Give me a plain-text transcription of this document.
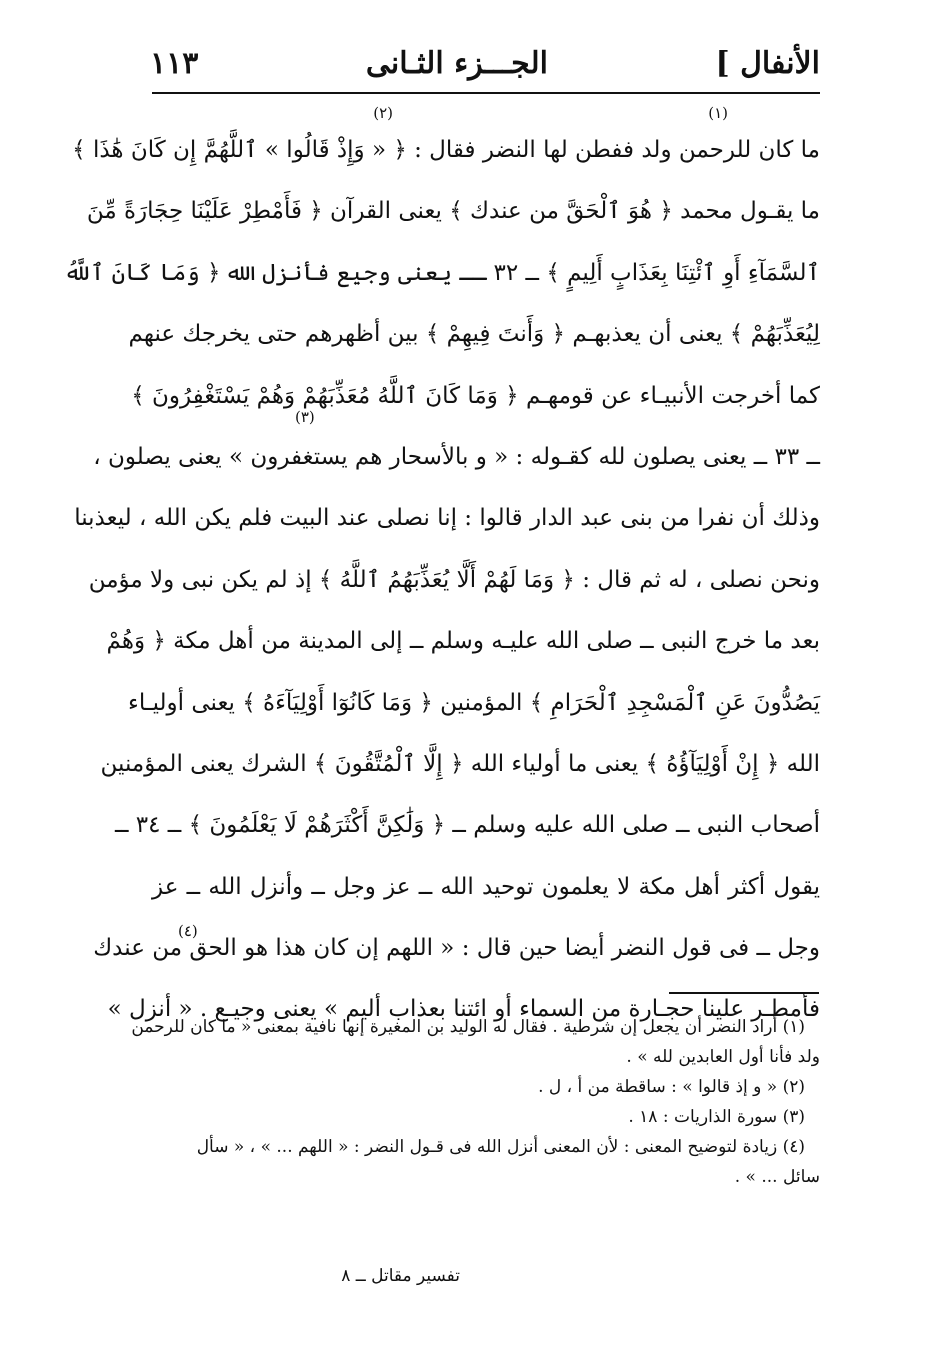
الأنفال ]
الجـــزء الثـانى
١١٣
(١)
(٢)
ما كان للرحمن ولد ففطن لها النضر فقال : ﴿ « وَإِذْ قَالُوا » ٱللَّهُمَّ إِن كَانَ هَٰذَا ﴾
ما يقـول محمد ﴿ هُوَ ٱلْحَقَّ من عندك ﴾ يعنى القرآن ﴿ فَأَمْطِرْ عَلَيْنَا حِجَارَةً مِّنَ
ٱلسَّمَآءِ أَوِ ٱئْتِنَا بِعَذَابٍ أَلِيمٍ ﴾ ــ ٣٢ ــ يعنى وجيع فأنزل الله ﴿ وَمَا كَانَ ٱللَّهُ
لِيُعَذِّبَهُمْ ﴾ يعنى أن يعذبهـم ﴿ وَأَنتَ فِيهِمْ ﴾ بين أظهرهم حتى يخرجك عنهم
كما أخرجت الأنبيـاء عن قومهـم ﴿ وَمَا كَانَ ٱللَّهُ مُعَذِّبَهُمْ وَهُمْ يَسْتَغْفِرُونَ ﴾
ــ ٣٣ ــ يعنى يصلون لله كقـوله : « و بالأسحار هم يستغفرون » يعنى يصلون ،
وذلك أن نفرا من بنى عبد الدار قالوا : إنا نصلى عند البيت فلم يكن الله ، ليعذبنا
ونحن نصلى ، له ثم قال : ﴿ وَمَا لَهُمْ أَلَّا يُعَذِّبَهُمُ ٱللَّهُ ﴾ إذ لم يكن نبى ولا مؤمن
بعد ما خرج النبى ــ صلى الله عليـه وسلم ــ إلى المدينة من أهل مكة ﴿ وَهُمْ
يَصُدُّونَ عَنِ ٱلْمَسْجِدِ ٱلْحَرَامِ ﴾ المؤمنين ﴿ وَمَا كَانُوٓا أَوْلِيَآءَهُ ﴾ يعنى أوليـاء
الله ﴿ إِنْ أَوْلِيَآؤُهُ ﴾ يعنى ما أولياء الله ﴿ إِلَّا ٱلْمُتَّقُونَ ﴾ الشرك يعنى المؤمنين
أصحاب النبى ــ صلى الله عليه وسلم ــ ﴿ وَلَٰكِنَّ أَكْثَرَهُمْ لَا يَعْلَمُونَ ﴾ ــ ٣٤ ــ
يقول أكثر أهل مكة لا يعلمون توحيد الله ــ عز وجل ــ وأنزل الله ــ عز
وجل ــ فى قول النضر أيضا حين قال : « اللهم إن كان هذا هو الحق من عندك
فأمطـر علينا حجـارة من السماء أو ائتنا بعذاب أليم » يعنى وجيـع . « أنزل »
(٣)
(٤)
(١) أراد النضر أن يجعل إن شرطية . فقال له الوليد بن المغيرة إنها نافية بمعنى « ما كان للرحمن
ولد فأنا أول العابدين لله » .
(٢) « و إذ قالوا » : ساقطة من أ ، ل .
(٣) سورة الذاريات : ١٨ .
(٤) زيادة لتوضيح المعنى : لأن المعنى أنزل الله فى قـول النضر : « اللهم ... » ، « سأل
سائل ... » .
تفسير مقاتل ــ ٨
